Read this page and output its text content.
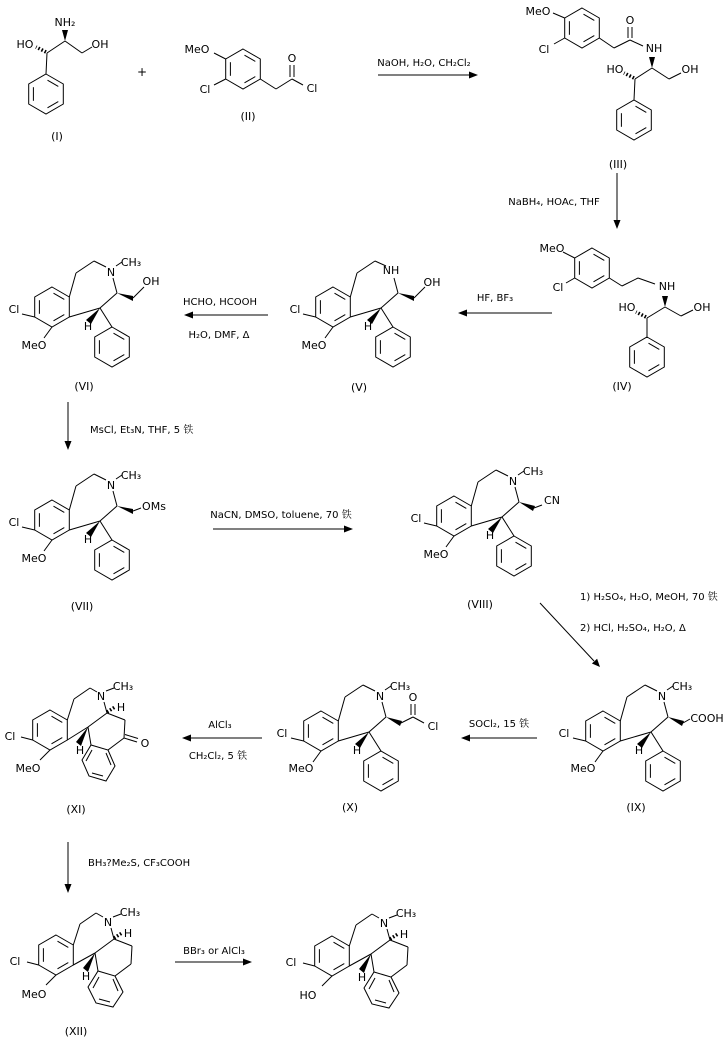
NH₂
HO	OH
(I)
+
MeO
Cl
O
Cl
(II)
NaOH, H₂O, CH₂Cl₂
MeO
Cl
O
NH
HO	OH
(III)
NaBH₄, HOAc, THF
MeO
Cl	NH
HO	OH
(IV)
HF, BF₃
NH
OH
H
Cl
MeO
(V)
HCHO, HCOOH
H₂O, DMF, Δ
N
CH₃
OH
H
Cl
MeO
(VI)
MsCl, Et₃N, THF, 5 铁
N
CH₃
OMs
H
Cl
MeO
(VII)
NaCN, DMSO, toluene, 70 铁
N
CH₃
CN
H
Cl
MeO
(VIII)
1) H₂SO₄, H₂O, MeOH, 70 铁
2) HCl, H₂SO₄, H₂O, Δ
N
CH₃
COOH
H
Cl
MeO
(IX)
SOCl₂, 15 铁
N
CH₃
O
Cl
H
Cl
MeO
(X)
AlCl₃
CH₂Cl₂, 5 铁
N
CH₃
H
H
O
Cl
MeO
(XI)
BH₃?Me₂S, CF₃COOH
N
CH₃
H
H
Cl
MeO
(XII)
BBr₃ or AlCl₃
N
CH₃
H
H
Cl
HO
